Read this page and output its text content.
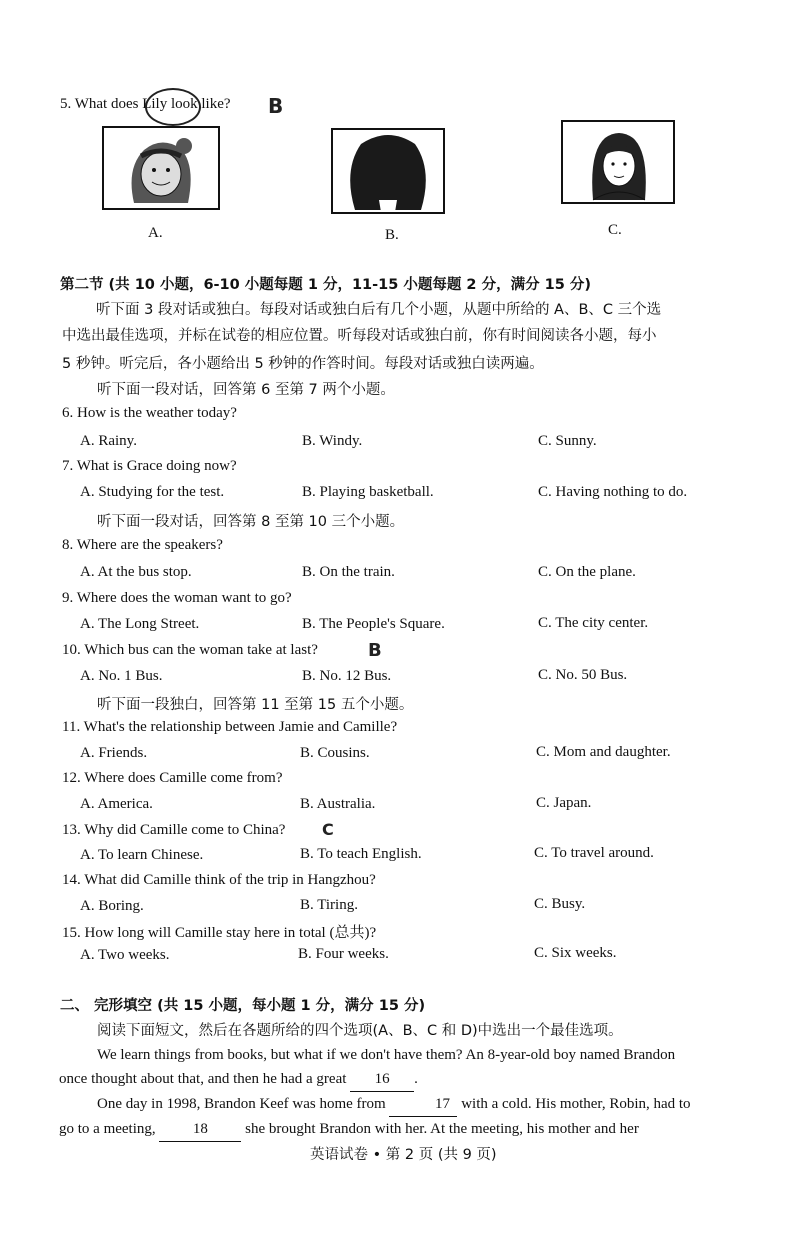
5. What does Lily look like? B
A.	B.	C.
第二节 (共 10 小题，6-10 小题每题 1 分，11-15 小题每题 2 分，满分 15 分)
听下面 3 段对话或独白。每段对话或独白后有几个小题，从题中所给的 A、B、C 三个选
中选出最佳选项，并标在试卷的相应位置。听每段对话或独白前，你有时间阅读各小题，每小
5 秒钟。听完后，各小题给出 5 秒钟的作答时间。每段对话或独白读两遍。
听下面一段对话，回答第 6 至第 7 两个小题。
6. How is the weather today?
A. Rainy.	B. Windy.	C. Sunny.
7. What is Grace doing now?
A. Studying for the test.	B. Playing basketball.	C. Having nothing to do.
听下面一段对话，回答第 8 至第 10 三个小题。
8. Where are the speakers?
A. At the bus stop.	B. On the train.	C. On the plane.
9. Where does the woman want to go?
A. The Long Street.	B. The People's Square.	C. The city center.
10. Which bus can the woman take at last?	B
A. No. 1 Bus.	B. No. 12 Bus.	C. No. 50 Bus.
听下面一段独白，回答第 11 至第 15 五个小题。
11. What's the relationship between Jamie and Camille?
A. Friends.	B. Cousins.	C. Mom and daughter.
12. Where does Camille come from?
A. America.	B. Australia.	C. Japan.
13. Why did Camille come to China? C
A. To learn Chinese.	B. To teach English.	C. To travel around.
14. What did Camille think of the trip in Hangzhou?
A. Boring.	B. Tiring.	C. Busy.
15. How long will Camille stay here in total (总共)?
A. Two weeks.	B. Four weeks.	C. Six weeks.
二、 完形填空 (共 15 小题，每小题 1 分，满分 15 分)
阅读下面短文，然后在各题所给的四个选项(A、B、C 和 D)中选出一个最佳选项。

We learn things from books, but what if we don't have them? An 8-year-old boy named Brandon

once thought about that, and then he had a great 16 .

One day in 1998, Brandon Keef was home from	17 with a cold. His mother, Robin, had to

go to a meeting, 18 she brought Brandon with her. At the meeting, his mother and her

英语试卷 • 第 2 页 (共 9 页)
